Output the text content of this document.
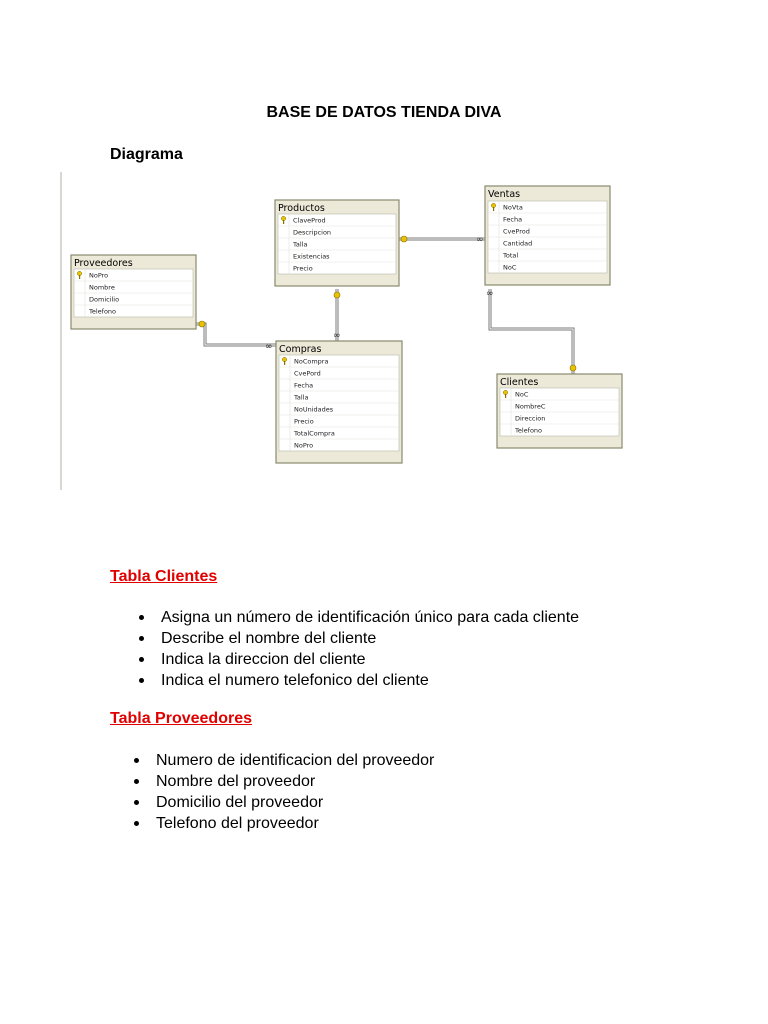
BASE DE DATOS TIENDA DIVA
Diagrama
∞
∞
∞
∞
Productos
ClaveProd
Descripcion
Talla
Existencias
Precio
Ventas
NoVta
Fecha
CveProd
Cantidad
Total
NoC
Proveedores
NoPro
Nombre
Domicilio
Telefono
Compras
NoCompra
CvePord
Fecha
Talla
NoUnidades
Precio
TotalCompra
NoPro
Clientes
NoC
NombreC
Direccion
Telefono
Tabla Clientes
Asigna un número de identificación único para cada cliente
Describe el nombre del cliente
Indica la direccion del cliente
Indica el numero telefonico del cliente
Tabla Proveedores
Numero de identificacion del proveedor
Nombre del proveedor
Domicilio del proveedor
Telefono del proveedor
